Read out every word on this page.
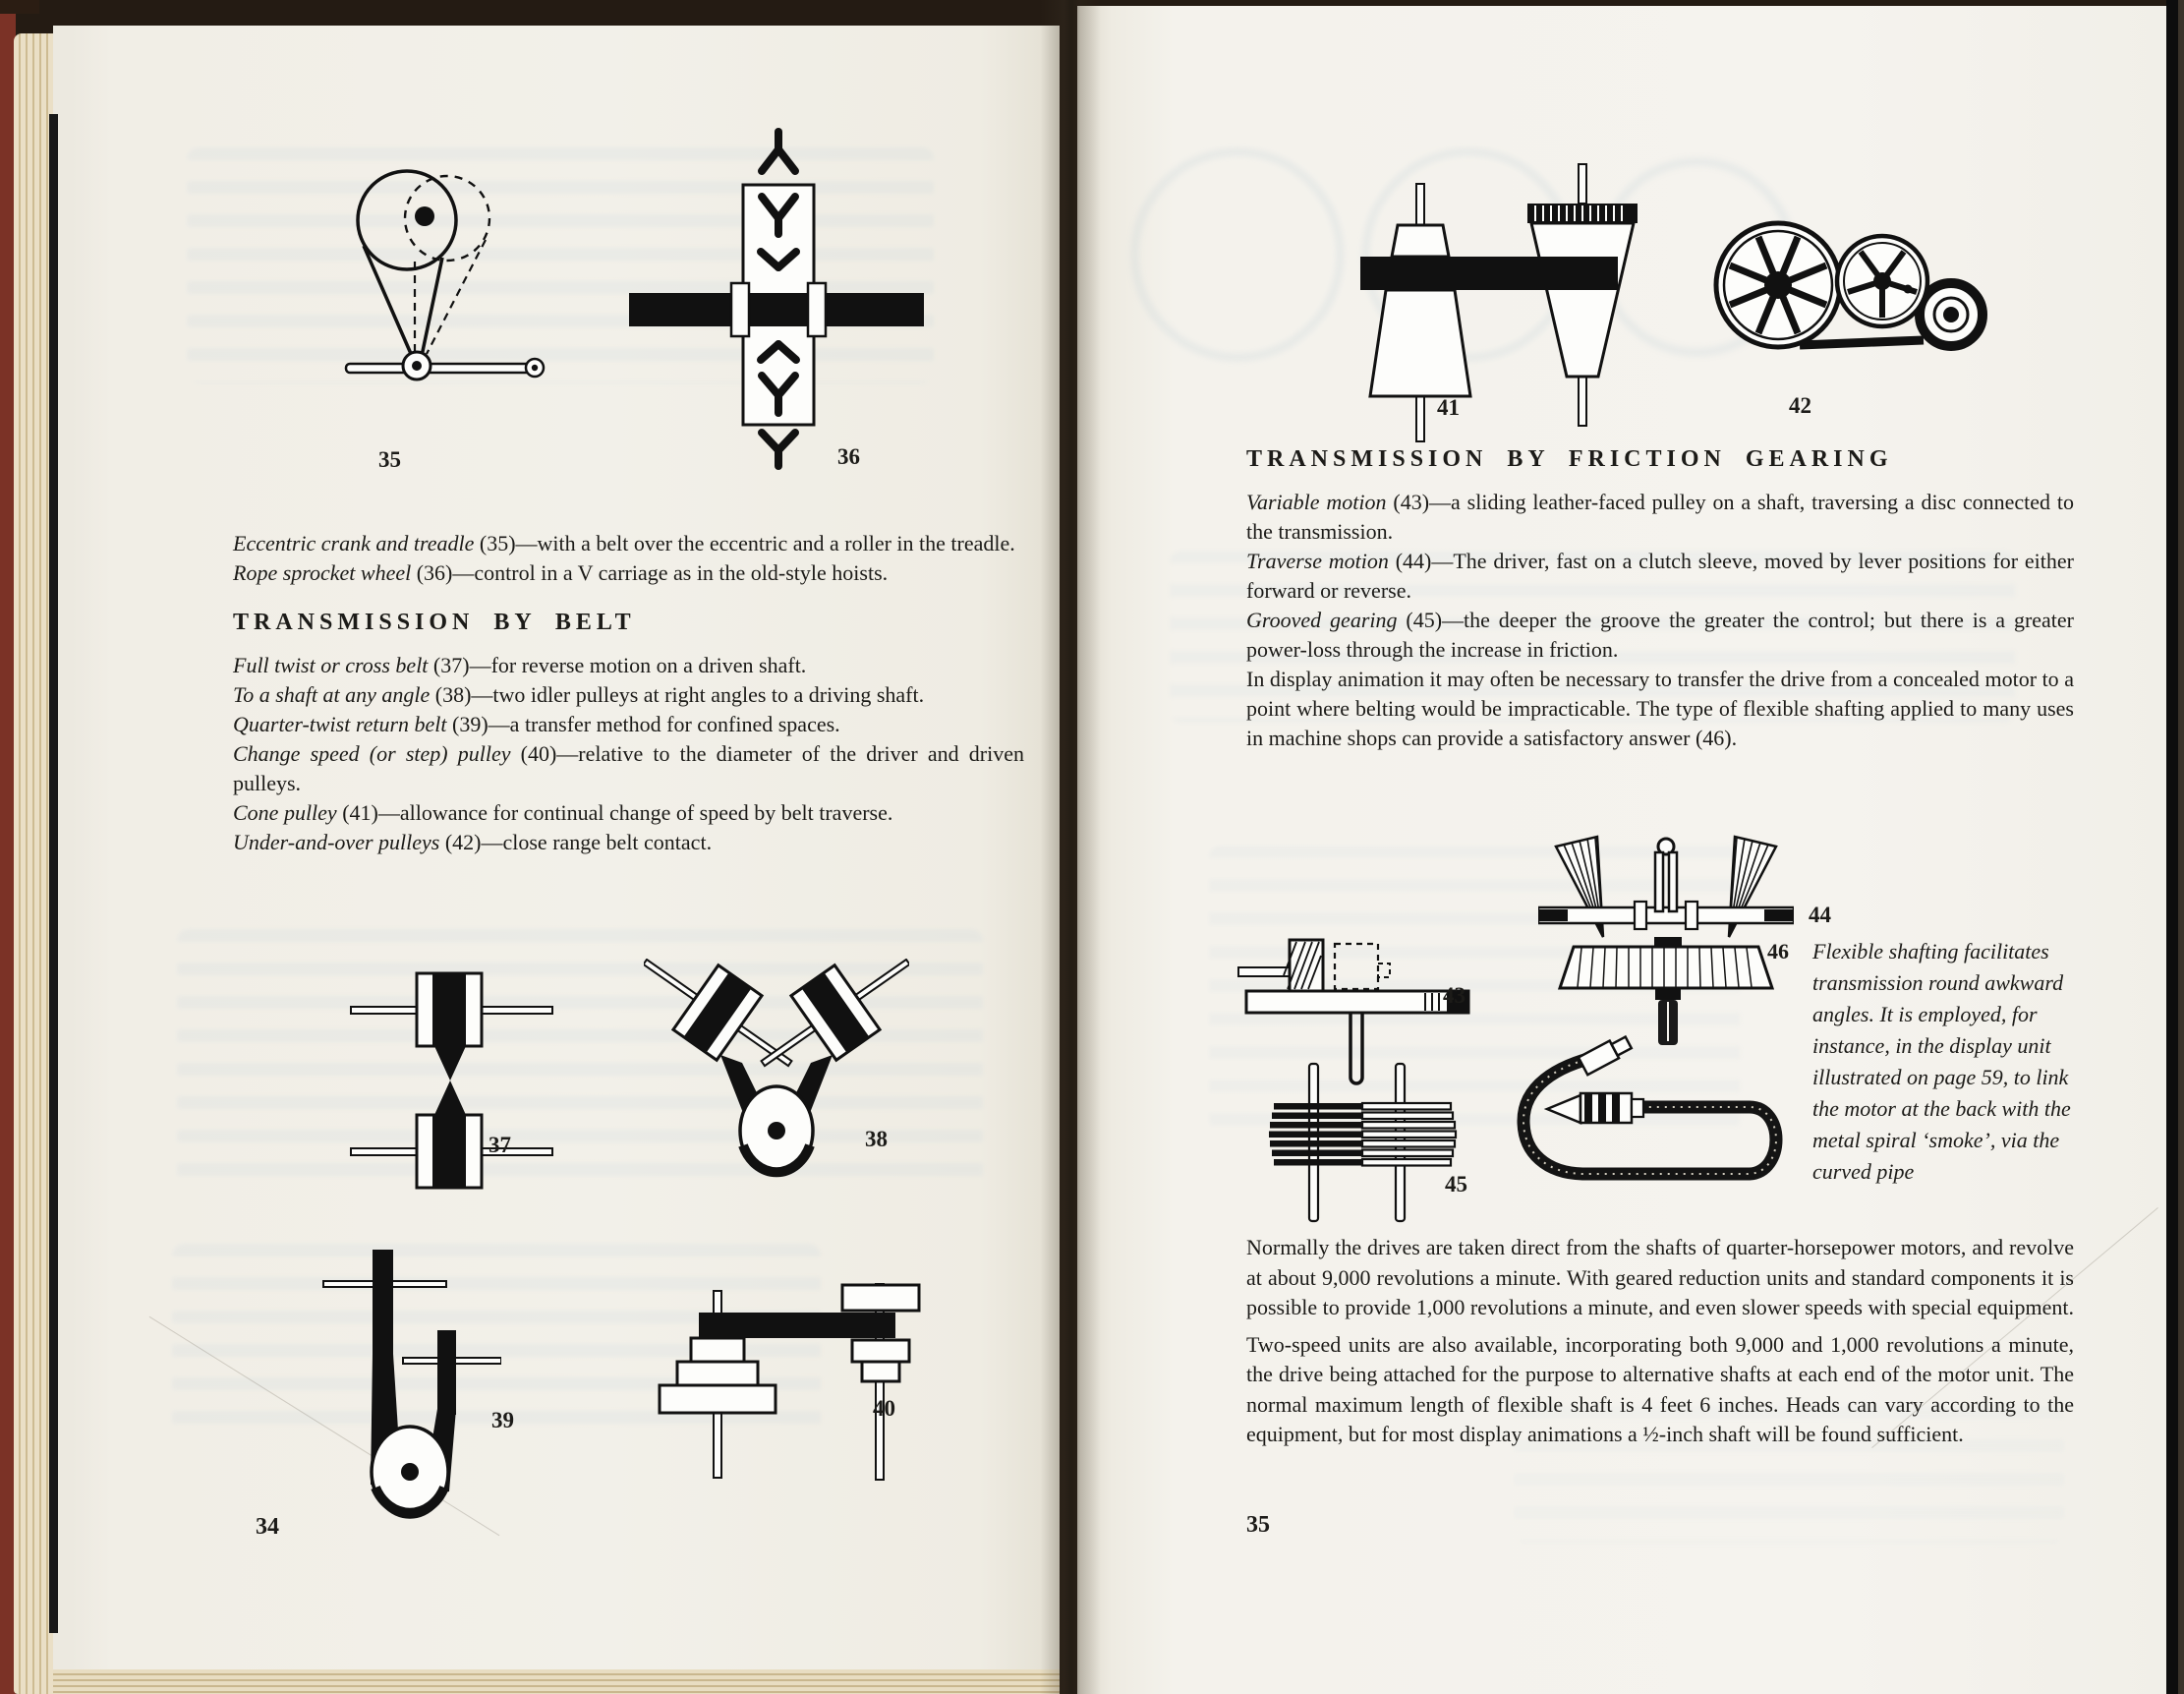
35	36

Eccentric crank and treadle (35)—with a belt over the eccentric and a roller in the treadle.

Rope sprocket wheel (36)—control in a V carriage as in the old-style hoists.

TRANSMISSION BY BELT

Full twist or cross belt (37)—for reverse motion on a driven shaft.

To a shaft at any angle (38)—two idler pulleys at right angles to a driving shaft.

Quarter-twist return belt (39)—a transfer method for confined spaces.

Change speed (or step) pulley (40)—relative to the diameter of the driver and driven pulleys.

Cone pulley (41)—allowance for continual change of speed by belt traverse.

Under-and-over pulleys (42)—close range belt contact.

37	38
39	40
34
41	42
TRANSMISSION BY FRICTION GEARING

Variable motion (43)—a sliding leather-faced pulley on a shaft, traversing a disc connected to the transmission.

Traverse motion (44)—The driver, fast on a clutch sleeve, moved by lever positions for either forward or reverse.

Grooved gearing (45)—the deeper the groove the greater the control; but there is a greater power-loss through the increase in friction.

In display animation it may often be necessary to transfer the drive from a concealed motor to a point where belting would be impracticable. The type of flexible shafting applied to many uses in machine shops can provide a satisfactory answer (46).

43
44
45
46	Flexible shafting facilitates transmission round awkward angles. It is employed, for instance, in the display unit illustrated on page 59, to link the motor at the back with the metal spiral ‘smoke’, via the curved pipe

Normally the drives are taken direct from the shafts of quarter-horsepower motors, and revolve at about 9,000 revolutions a minute. With geared reduction units and standard components it is possible to provide 1,000 revolutions a minute, and even slower speeds with special equipment.

Two-speed units are also available, incorporating both 9,000 and 1,000 revolutions a minute, the drive being attached for the purpose to alternative shafts at each end of the motor unit. The normal maximum length of flexible shaft is 4 feet 6 inches. Heads can vary according to the equipment, but for most display animations a ½-inch shaft will be found sufficient.

35
